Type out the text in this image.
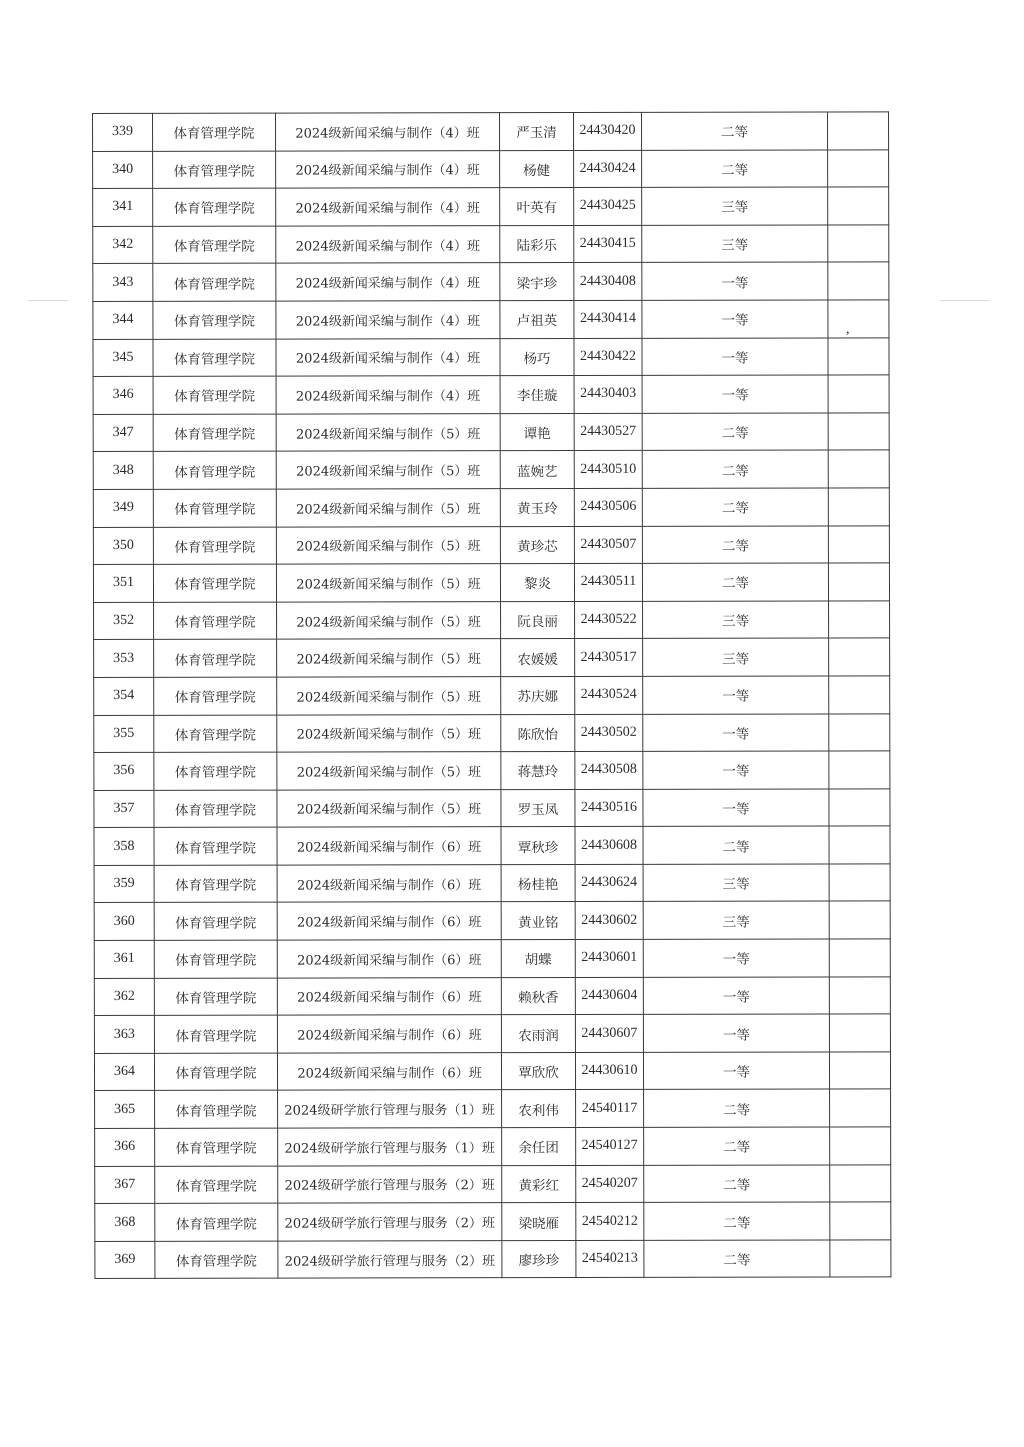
339	体育管理学院	2024级新闻采编与制作（4）班	严玉清	24430420	二等	
340	体育管理学院	2024级新闻采编与制作（4）班	杨健	24430424	二等	
341	体育管理学院	2024级新闻采编与制作（4）班	叶英有	24430425	三等	
342	体育管理学院	2024级新闻采编与制作（4）班	陆彩乐	24430415	三等	
343	体育管理学院	2024级新闻采编与制作（4）班	梁宇珍	24430408	一等	
344	体育管理学院	2024级新闻采编与制作（4）班	卢祖英	24430414	一等	
345	体育管理学院	2024级新闻采编与制作（4）班	杨巧	24430422	一等	
346	体育管理学院	2024级新闻采编与制作（4）班	李佳璇	24430403	一等	
347	体育管理学院	2024级新闻采编与制作（5）班	谭艳	24430527	二等	
348	体育管理学院	2024级新闻采编与制作（5）班	蓝婉艺	24430510	二等	
349	体育管理学院	2024级新闻采编与制作（5）班	黄玉玲	24430506	二等	
350	体育管理学院	2024级新闻采编与制作（5）班	黄珍芯	24430507	二等	
351	体育管理学院	2024级新闻采编与制作（5）班	黎炎	24430511	二等	
352	体育管理学院	2024级新闻采编与制作（5）班	阮良丽	24430522	三等	
353	体育管理学院	2024级新闻采编与制作（5）班	农媛媛	24430517	三等	
354	体育管理学院	2024级新闻采编与制作（5）班	苏庆娜	24430524	一等	
355	体育管理学院	2024级新闻采编与制作（5）班	陈欣怡	24430502	一等	
356	体育管理学院	2024级新闻采编与制作（5）班	蒋慧玲	24430508	一等	
357	体育管理学院	2024级新闻采编与制作（5）班	罗玉凤	24430516	一等	
358	体育管理学院	2024级新闻采编与制作（6）班	覃秋珍	24430608	二等	
359	体育管理学院	2024级新闻采编与制作（6）班	杨桂艳	24430624	三等	
360	体育管理学院	2024级新闻采编与制作（6）班	黄业铭	24430602	三等	
361	体育管理学院	2024级新闻采编与制作（6）班	胡蝶	24430601	一等	
362	体育管理学院	2024级新闻采编与制作（6）班	赖秋香	24430604	一等	
363	体育管理学院	2024级新闻采编与制作（6）班	农雨润	24430607	一等	
364	体育管理学院	2024级新闻采编与制作（6）班	覃欣欣	24430610	一等	
365	体育管理学院	2024级研学旅行管理与服务（1）班	农利伟	24540117	二等	
366	体育管理学院	2024级研学旅行管理与服务（1）班	余任团	24540127	二等	
367	体育管理学院	2024级研学旅行管理与服务（2）班	黄彩红	24540207	二等	
368	体育管理学院	2024级研学旅行管理与服务（2）班	梁晓雁	24540212	二等	
369	体育管理学院	2024级研学旅行管理与服务（2）班	廖珍珍	24540213	二等	
,
